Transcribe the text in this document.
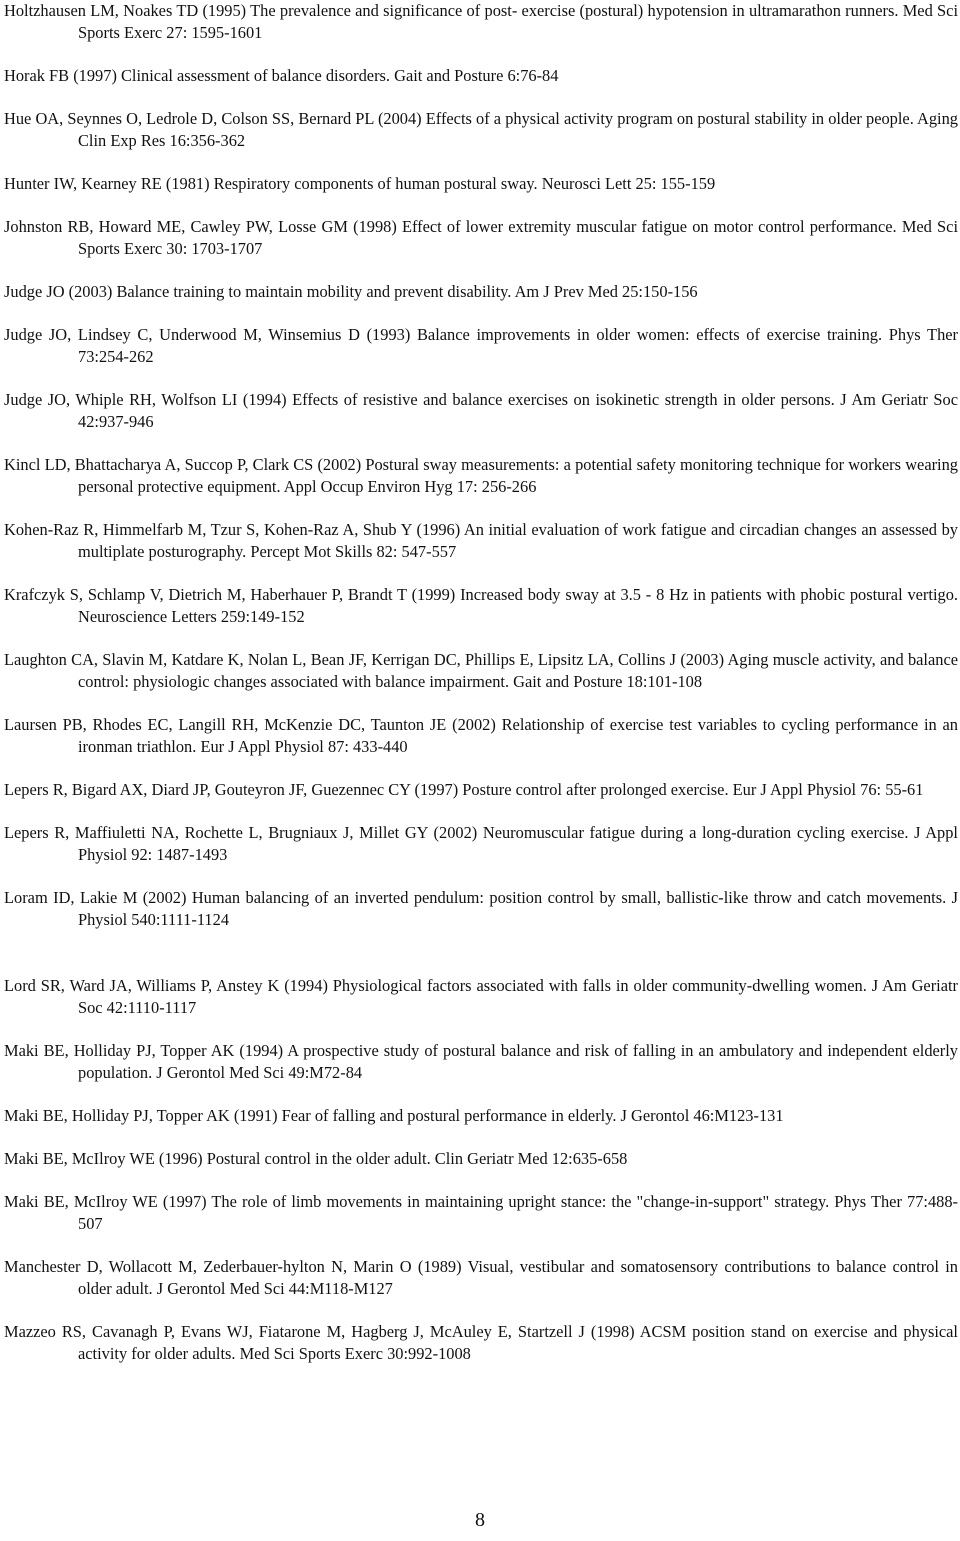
Holtzhausen LM, Noakes TD (1995) The prevalence and significance of post- exercise (postural) hypotension in ultramarathon runners. Med Sci Sports Exerc 27: 1595-1601

Horak FB (1997) Clinical assessment of balance disorders. Gait and Posture 6:76-84

Hue OA, Seynnes O, Ledrole D, Colson SS, Bernard PL (2004) Effects of a physical activity program on postural stability in older people. Aging Clin Exp Res 16:356-362

Hunter IW, Kearney RE (1981) Respiratory components of human postural sway. Neurosci Lett 25: 155-159

Johnston RB, Howard ME, Cawley PW, Losse GM (1998) Effect of lower extremity muscular fatigue on motor control performance. Med Sci Sports Exerc 30: 1703-1707

Judge JO (2003) Balance training to maintain mobility and prevent disability. Am J Prev Med 25:150-156

Judge JO, Lindsey C, Underwood M, Winsemius D (1993) Balance improvements in older women: effects of exercise training. Phys Ther 73:254-262

Judge JO, Whiple RH, Wolfson LI (1994) Effects of resistive and balance exercises on isokinetic strength in older persons. J Am Geriatr Soc 42:937-946

Kincl LD, Bhattacharya A, Succop P, Clark CS (2002) Postural sway measurements: a potential safety monitoring technique for workers wearing personal protective equipment. Appl Occup Environ Hyg 17: 256-266

Kohen-Raz R, Himmelfarb M, Tzur S, Kohen-Raz A, Shub Y (1996) An initial evaluation of work fatigue and circadian changes an assessed by multiplate posturography. Percept Mot Skills 82: 547-557

Krafczyk S, Schlamp V, Dietrich M, Haberhauer P, Brandt T (1999) Increased body sway at 3.5 - 8 Hz in patients with phobic postural vertigo. Neuroscience Letters 259:149-152

Laughton CA, Slavin M, Katdare K, Nolan L, Bean JF, Kerrigan DC, Phillips E, Lipsitz LA, Collins J (2003) Aging muscle activity, and balance control: physiologic changes associated with balance impairment. Gait and Posture 18:101-108

Laursen PB, Rhodes EC, Langill RH, McKenzie DC, Taunton JE (2002) Relationship of exercise test variables to cycling performance in an ironman triathlon. Eur J Appl Physiol 87: 433-440

Lepers R, Bigard AX, Diard JP, Gouteyron JF, Guezennec CY (1997) Posture control after prolonged exercise. Eur J Appl Physiol 76: 55-61

Lepers R, Maffiuletti NA, Rochette L, Brugniaux J, Millet GY (2002) Neuromuscular fatigue during a long-duration cycling exercise. J Appl Physiol 92: 1487-1493

Loram ID, Lakie M (2002) Human balancing of an inverted pendulum: position control by small, ballistic-like throw and catch movements. J Physiol 540:1111-1124

Lord SR, Ward JA, Williams P, Anstey K (1994) Physiological factors associated with falls in older community-dwelling women. J Am Geriatr Soc 42:1110-1117

Maki BE, Holliday PJ, Topper AK (1994) A prospective study of postural balance and risk of falling in an ambulatory and independent elderly population. J Gerontol Med Sci 49:M72-84

Maki BE, Holliday PJ, Topper AK (1991) Fear of falling and postural performance in elderly. J Gerontol 46:M123-131

Maki BE, McIlroy WE (1996) Postural control in the older adult. Clin Geriatr Med 12:635-658

Maki BE, McIlroy WE (1997) The role of limb movements in maintaining upright stance: the "change-in-support" strategy. Phys Ther 77:488-507

Manchester D, Wollacott M, Zederbauer-hylton N, Marin O (1989) Visual, vestibular and somatosensory contributions to balance control in older adult. J Gerontol Med Sci 44:M118-M127

Mazzeo RS, Cavanagh P, Evans WJ, Fiatarone M, Hagberg J, McAuley E, Startzell J (1998) ACSM position stand on exercise and physical activity for older adults. Med Sci Sports Exerc 30:992-1008

8
